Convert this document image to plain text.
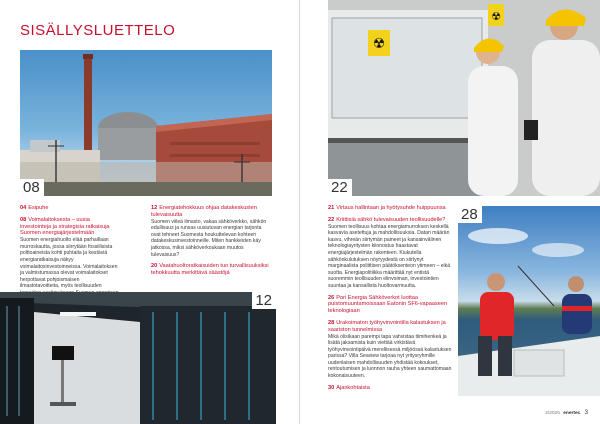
SISÄLLYSLUETTELO
08
04 Esipuhe
08 Voimalaitoksesta – uusia investointeja ja strategisia ratkaisuja Suomen energiajärjestelmään
Suomen energiahuolto elää parhaillaan murroskautta, jossa siirrytään fossiilisista polttoaineista kohti puhtaita ja kestäviä energiaratkaisuja näkyy voimalaitosinvestoinneissa. Voimalaitoksen ja valmistumassa olevat voimalaitokset herpottavat pohjoismaisen ilmastotavoitteita, myös teollisuuden
12 Energiatehokkuus ohjaa datakeskusten tulevaisuutta
Suomen viileä ilmasto, vakaa sähköverkko, sähkön edullisuus ja runsas uusiutuvan energian tarjonta ovat tehneet Suomesta houkuttelevan kohteen datakeskusinvestoinneille. Miten hankkeiden käy jatkossa, miksi sähköverkoukaan muutos tulevaisuus?
20 Vaatahuoltoratkaisuiden tuo turvallisuuksiksi tehokkuutta merkittävä säästöjä
12
☢
☢
22
21 Virtaus hallintaan ja hyötysuhde huippuunsa
22 Kriittisiä sähkö tulevaisuuden teollisuudelle?
Suomen teollisuus kohtaa energiamurroksen keskellä kasvavia asetettuja ja mahdollisuuksia. Datan määrän kasvu, vihreän siirtymän paineet ja kansainvälinen teknologiayritysten kiinnostus haastavat energiajärjestelmän rakenteen. Kiukutella sähkönkulutuksen nöyryydestä on siirtynyt marginaalista poliittisen päätöksenteon ytimeen – eikä suotta. Energiapolitiikka määrittää nyt entistä suoremmin teollisuuden elinvoiman, investointien suuntaa ja kansallista huoltovarmuutta.
26 Pori Energia Sähköverkot luottaa puistomuuntamoissaan Eatonin SF6-vapaaseen teknologiaan
28 Urakoimaton työhyvinvointilla kalastuksen ja saariston tunnelmissa
Mikä olisikaan parempi tapa vahvistaa tiimihenkeä ja lisätä jaksamista kuin viettää virkistävä työhyvinvointipäivä merellisessä miljöössä kalastuksen parissa? Villa Seaview tarjoaa nyt yritysryhmille uudenlaisen mahdollisuuden yhdistää kokoukset, rentoutumisen ja luonnon rauha yhteen saumattomaan kokonaisuuteen.
30 Ajankohtaista
28
2/2025 enertec 3
